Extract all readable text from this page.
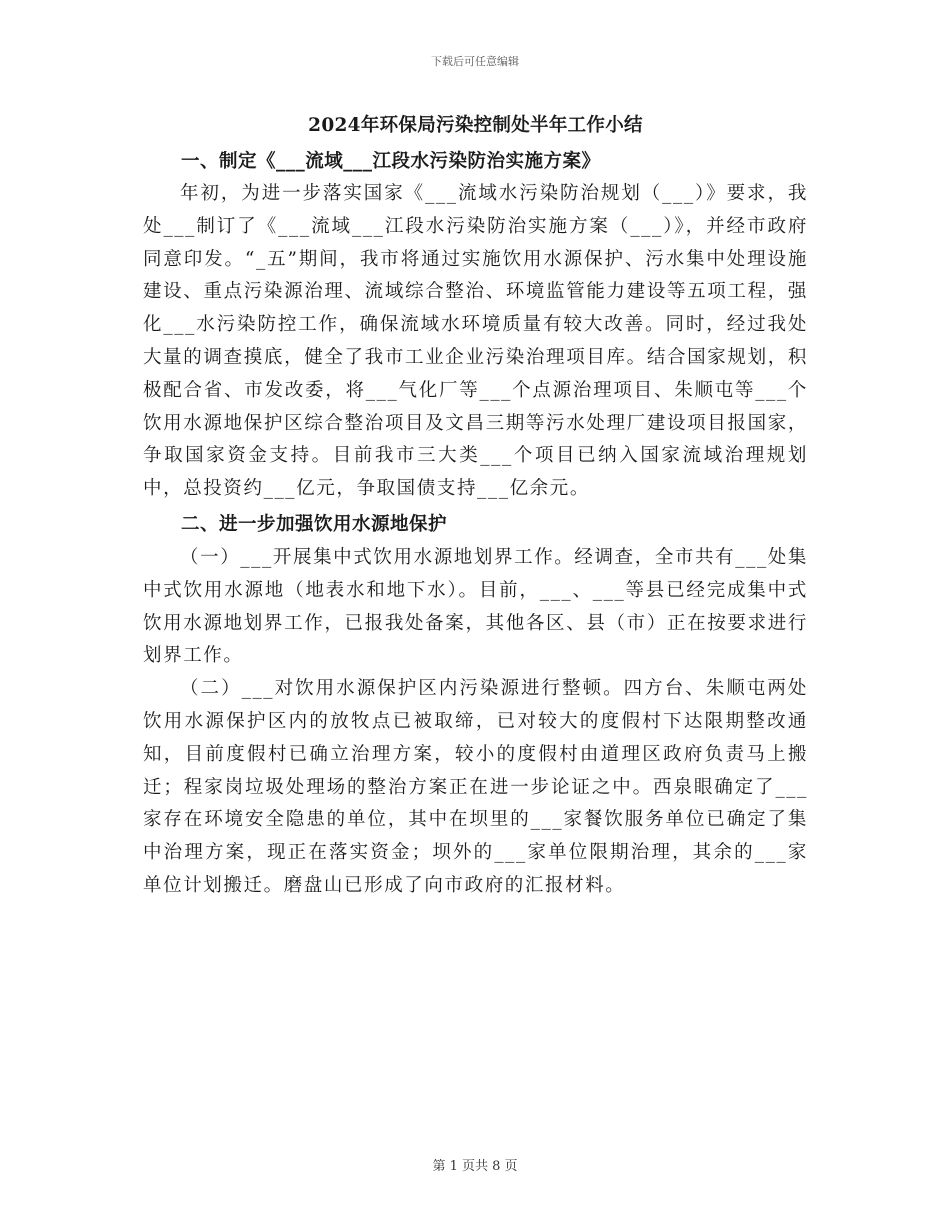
下载后可任意编辑
2024年环保局污染控制处半年工作小结
一、制定《___流域___江段水污染防治实施方案》

年初，为进一步落实国家《___流域水污染防治规划（___）》要求，我处___制订了《___流域___江段水污染防治实施方案（___）》，并经市政府同意印发。“_五”期间，我市将通过实施饮用水源保护、污水集中处理设施建设、重点污染源治理、流域综合整治、环境监管能力建设等五项工程，强化___水污染防控工作，确保流域水环境质量有较大改善。同时，经过我处大量的调查摸底，健全了我市工业企业污染治理项目库。结合国家规划，积极配合省、市发改委，将___气化厂等___个点源治理项目、朱顺屯等___个饮用水源地保护区综合整治项目及文昌三期等污水处理厂建设项目报国家，争取国家资金支持。目前我市三大类___个项目已纳入国家流域治理规划中，总投资约___亿元，争取国债支持___亿余元。

二、进一步加强饮用水源地保护

（一）___开展集中式饮用水源地划界工作。经调查，全市共有___处集中式饮用水源地（地表水和地下水）。目前，___、___等县已经完成集中式饮用水源地划界工作，已报我处备案，其他各区、县（市）正在按要求进行划界工作。

（二）___对饮用水源保护区内污染源进行整顿。四方台、朱顺屯两处饮用水源保护区内的放牧点已被取缔，已对较大的度假村下达限期整改通知，目前度假村已确立治理方案，较小的度假村由道理区政府负责马上搬迁；程家岗垃圾处理场的整治方案正在进一步论证之中。西泉眼确定了___家存在环境安全隐患的单位，其中在坝里的___家餐饮服务单位已确定了集中治理方案，现正在落实资金；坝外的___家单位限期治理，其余的___家单位计划搬迁。磨盘山已形成了向市政府的汇报材料。

第 1 页共 8 页
